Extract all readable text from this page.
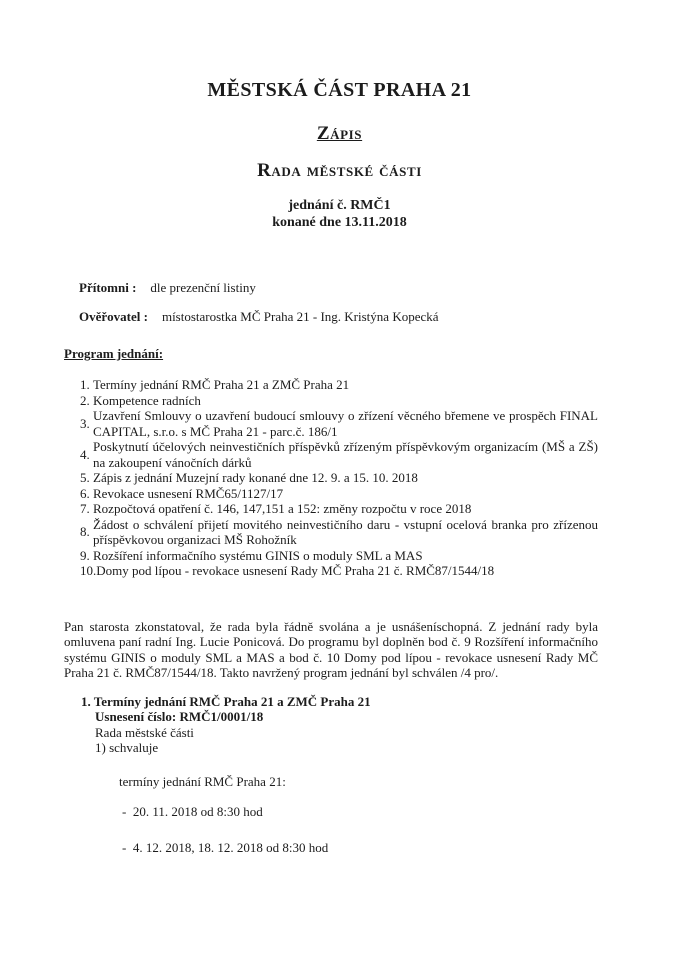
MĚSTSKÁ ČÁST PRAHA 21
Zápis
Rada městské části
jednání č. RMČ1
konané dne 13.11.2018
Přítomni : dle prezenční listiny
Ověřovatel : místostarostka MČ Praha 21 - Ing. Kristýna Kopecká
Program jednání:
1. Termíny jednání RMČ Praha 21 a ZMČ Praha 21
2. Kompetence radních
3.
Uzavření Smlouvy o uzavření budoucí smlouvy o zřízení věcného břemene ve prospěch FINAL CAPITAL, s.r.o. s MČ Praha 21 - parc.č. 186/1
4.
Poskytnutí účelových neinvestičních příspěvků zřízeným příspěvkovým organizacím (MŠ a ZŠ) na zakoupení vánočních dárků
5. Zápis z jednání Muzejní rady konané dne 12. 9. a 15. 10. 2018
6. Revokace usnesení RMČ65/1127/17
7. Rozpočtová opatření č. 146, 147,151 a 152: změny rozpočtu v roce 2018
8.
Žádost o schválení přijetí movitého neinvestičního daru - vstupní ocelová branka pro zřízenou příspěvkovou organizaci MŠ Rohožník
9. Rozšíření informačního systému GINIS o moduly SML a MAS
10. Domy pod lípou - revokace usnesení Rady MČ Praha 21 č. RMČ87/1544/18

Pan starosta zkonstatoval, že rada byla řádně svolána a je usnášeníschopná. Z jednání rady byla omluvena paní radní Ing. Lucie Ponicová. Do programu byl doplněn bod č. 9 Rozšíření informačního systému GINIS o moduly SML a MAS a bod č. 10 Domy pod lípou - revokace usnesení Rady MČ Praha 21 č. RMČ87/1544/18. Takto navržený program jednání byl schválen /4 pro/.

1. Termíny jednání RMČ Praha 21 a ZMČ Praha 21
Usnesení číslo: RMČ1/0001/18
Rada městské části
1) schvaluje
termíny jednání RMČ Praha 21:
-  20. 11. 2018 od 8:30 hod
-  4. 12. 2018, 18. 12. 2018 od 8:30 hod
